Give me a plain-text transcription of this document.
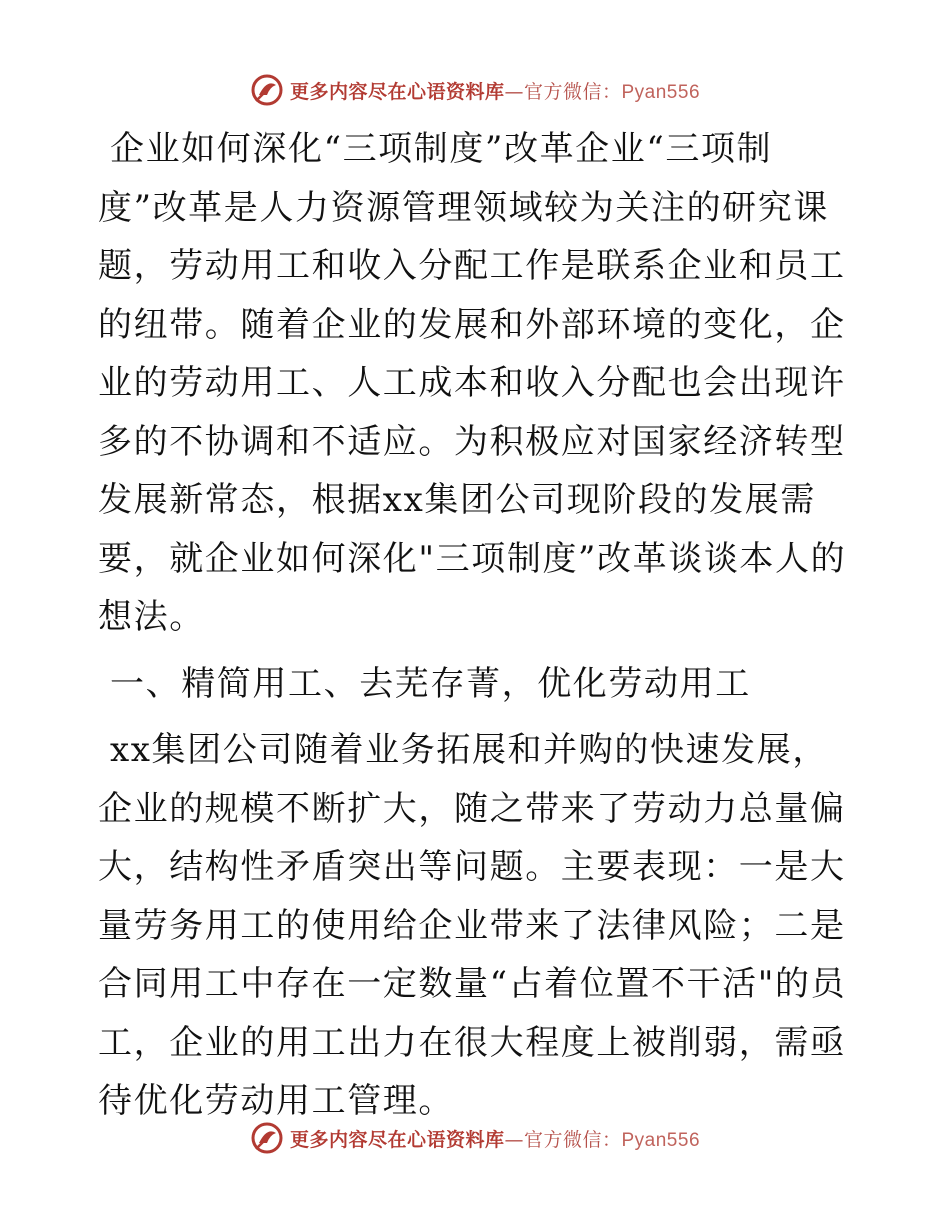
更多内容尽在心语资料库—官方微信：Pyan556

企业如何深化“三项制度”改革企业“三项制度”改革是人力资源管理领域较为关注的研究课题，劳动用工和收入分配工作是联系企业和员工的纽带。随着企业的发展和外部环境的变化，企业的劳动用工、人工成本和收入分配也会出现许多的不协调和不适应。为积极应对国家经济转型发展新常态，根据xx集团公司现阶段的发展需要，就企业如何深化"三项制度”改革谈谈本人的想法。

一、精简用工、去芜存菁，优化劳动用工

xx集团公司随着业务拓展和并购的快速发展，企业的规模不断扩大，随之带来了劳动力总量偏大，结构性矛盾突出等问题。主要表现：一是大量劳务用工的使用给企业带来了法律风险；二是合同用工中存在一定数量“占着位置不干活"的员工，企业的用工出力在很大程度上被削弱，需亟待优化劳动用工管理。

更多内容尽在心语资料库—官方微信：Pyan556
